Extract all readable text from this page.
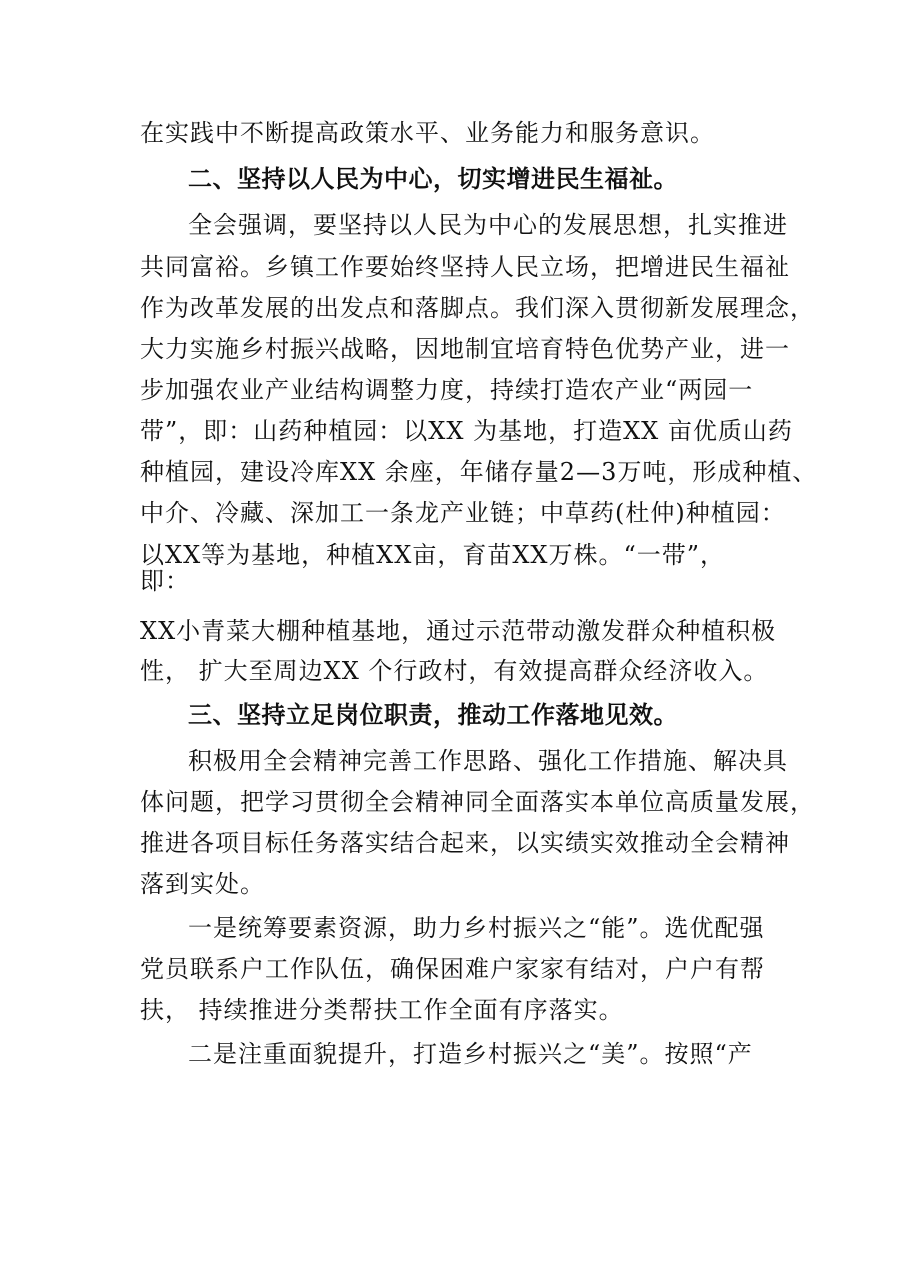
在实践中不断提高政策水平、业务能力和服务意识。
二、坚持以人民为中心，切实增进民生福祉。
全会强调，要坚持以人民为中心的发展思想，扎实推进
共同富裕。乡镇工作要始终坚持人民立场，把增进民生福祉
作为改革发展的出发点和落脚点。我们深入贯彻新发展理念，
大力实施乡村振兴战略，因地制宜培育特色优势产业，进一
步加强农业产业结构调整力度，持续打造农产业“两园一
带”，即：山药种植园：以XX 为基地，打造XX 亩优质山药
种植园，建设冷库XX 余座，年储存量2—3万吨，形成种植、
中介、冷藏、深加工一条龙产业链；中草药(杜仲)种植园：
以XX等为基地，种植XX亩，育苗XX万株。“一带”，
即：
XX小青菜大棚种植基地，通过示范带动激发群众种植积极
性， 扩大至周边XX 个行政村，有效提高群众经济收入。
三、坚持立足岗位职责，推动工作落地见效。
积极用全会精神完善工作思路、强化工作措施、解决具
体问题，把学习贯彻全会精神同全面落实本单位高质量发展，
推进各项目标任务落实结合起来，以实绩实效推动全会精神
落到实处。
一是统筹要素资源，助力乡村振兴之“能”。选优配强
党员联系户工作队伍，确保困难户家家有结对，户户有帮
扶， 持续推进分类帮扶工作全面有序落实。
二是注重面貌提升，打造乡村振兴之“美”。按照“产
